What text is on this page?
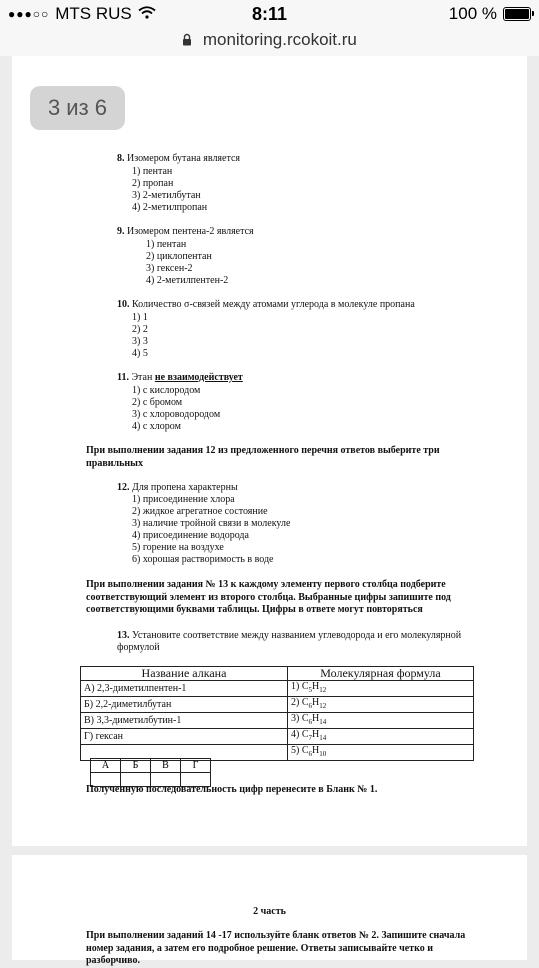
●●●○○ MTS RUS	8:11	100 %
monitoring.rcokoit.ru
3 из 6
8. Изомером бутана является
1) пентан
2) пропан
3) 2-метилбутан
4) 2-метилпропан
9. Изомером пентена-2 является
1) пентан
2) циклопентан
3) гексен-2
4) 2-метилпентен-2
10. Количество σ-связей между атомами углерода в молекуле пропана
1) 1
2) 2
3) 3
4) 5
11. Этан не взаимодействует
1) с кислородом
2) с бромом
3) с хлороводородом
4) с хлором
При выполнении задания 12 из предложенного перечня ответов выберите три правильных
12. Для пропена характерны
1) присоединение хлора
2) жидкое агрегатное состояние
3) наличие тройной связи в молекуле
4) присоединение водорода
5) горение на воздухе
6) хорошая растворимость в воде
При выполнении задания № 13 к каждому элементу первого столбца подберите соответствующий элемент из второго столбца. Выбранные цифры запишите под соответствующими буквами таблицы. Цифры в ответе могут повторяться
13. Установите соответствие между названием углеводорода и его молекулярной формулой
Название алкана	Молекулярная формула
А) 2,3-диметилпентен-1	1) $C_5H_{12}$
Б) 2,2-диметилбутан	2) $C_6H_{12}$
В) 3,3-диметилбутин-1	3) $C_6H_{14}$
Г) гексан	4) $C_7H_{14}$
	5) $C_6H_{10}$
А	Б	В	Г

Полученную последовательность цифр перенесите в Бланк № 1.
2 часть
При выполнении заданий 14 -17 используйте бланк ответов № 2. Запишите сначала номер задания, а затем его подробное решение. Ответы записывайте четко и разборчиво.
